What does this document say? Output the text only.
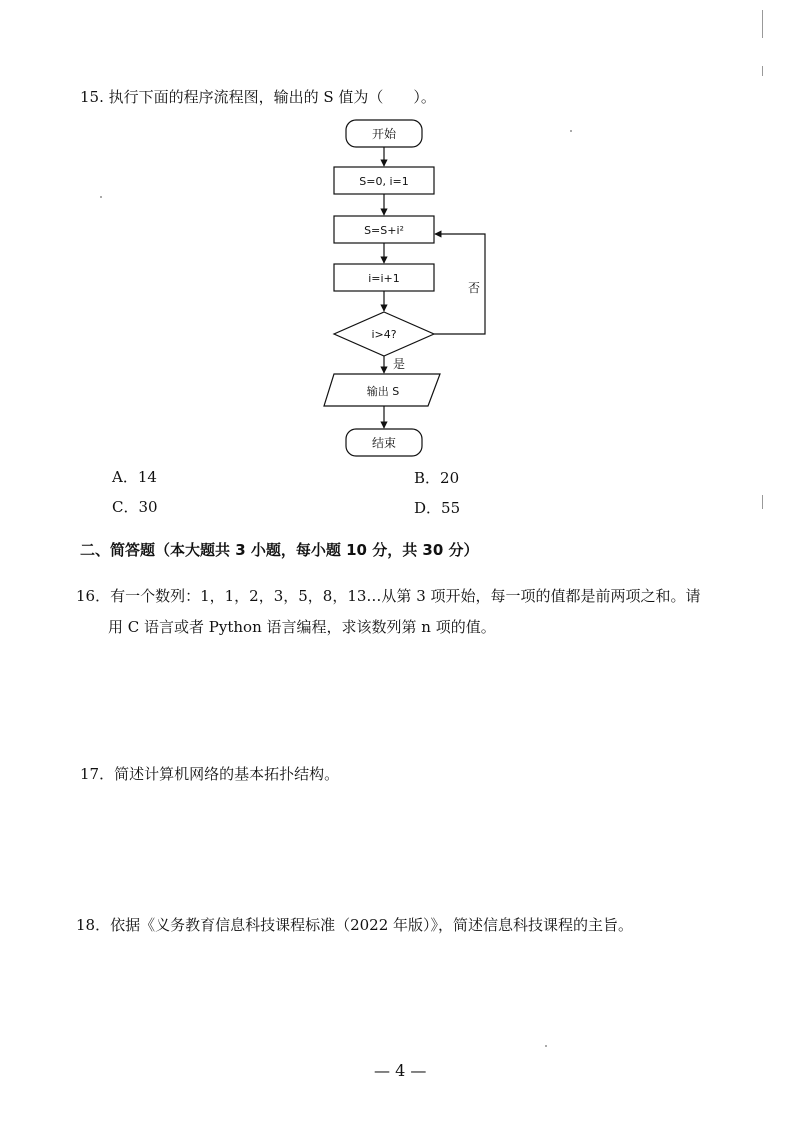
15. 执行下面的程序流程图，输出的 S 值为（　　）。
开始
S=0, i=1
S=S+i²
i=i+1
i>4?
否
是
输出 S
结束
A．14	B．20
C．30	D．55
二、简答题（本大题共 3 小题，每小题 10 分，共 30 分）
16．有一个数列：1，1，2，3，5，8，13…从第 3 项开始，每一项的值都是前两项之和。请
用 C 语言或者 Python 语言编程，求该数列第 n 项的值。
17．简述计算机网络的基本拓扑结构。
18．依据《义务教育信息科技课程标准（2022 年版）》，简述信息科技课程的主旨。
— 4 —
